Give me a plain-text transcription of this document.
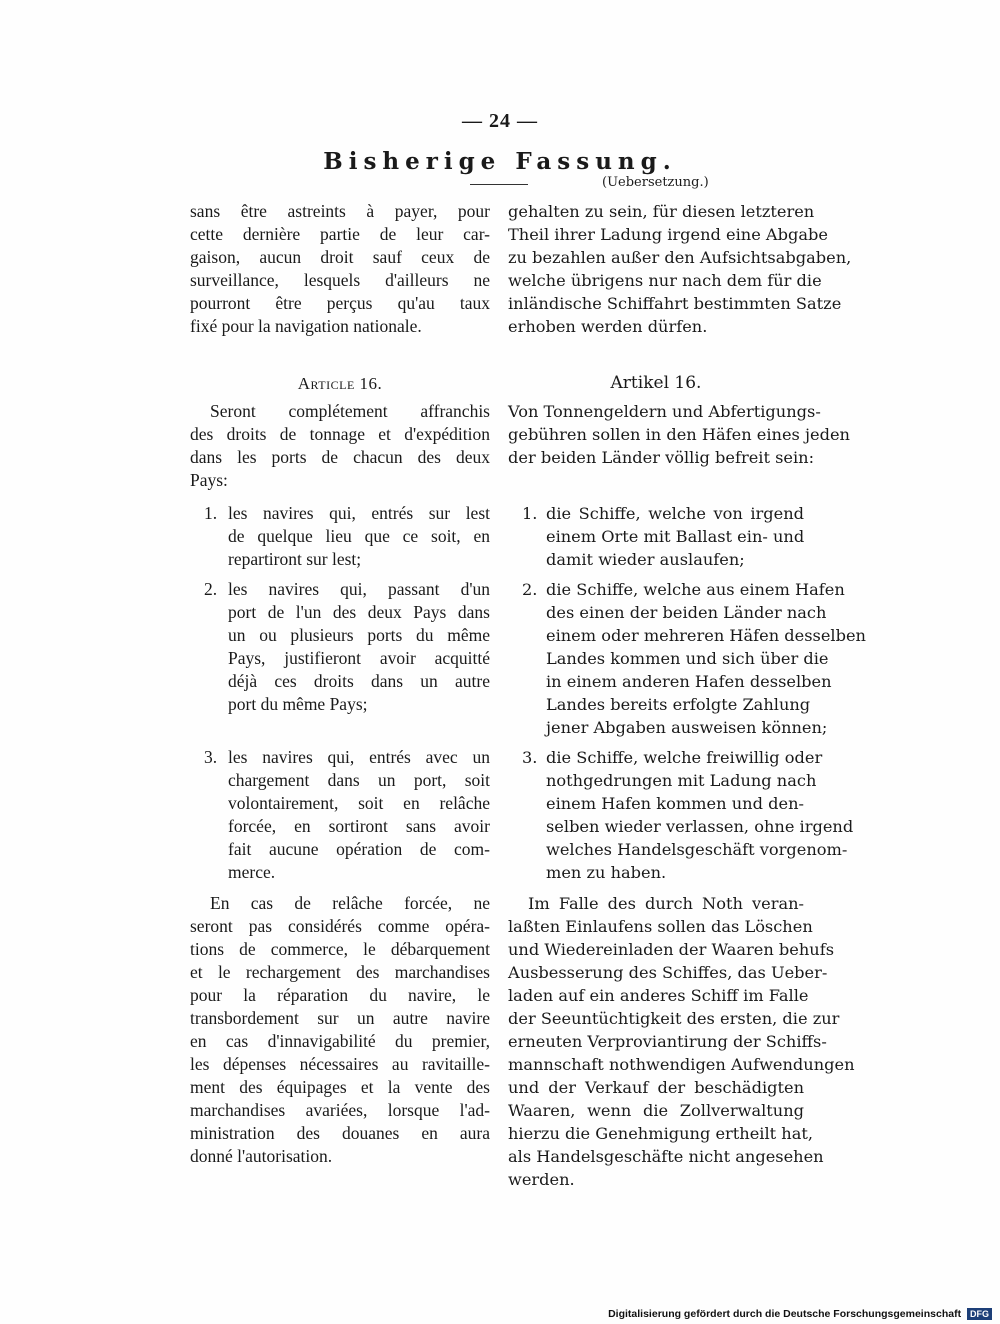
— 24 —
Bisherige Fassung.
(Uebersetzung.)
sans être astreints à payer, pour
cette dernière partie de leur car-
gaison, aucun droit sauf ceux de
surveillance, lesquels d'ailleurs ne
pourront être perçus qu'au taux
fixé pour la navigation nationale.
Article 16.
Seront complétement affranchis
des droits de tonnage et d'expédition
dans les ports de chacun des deux
Pays:
1. les navires qui, entrés sur lest
de quelque lieu que ce soit, en
repartiront sur lest;
2. les navires qui, passant d'un
port de l'un des deux Pays dans
un ou plusieurs ports du même
Pays, justifieront avoir acquitté
déjà ces droits dans un autre
port du même Pays;
3. les navires qui, entrés avec un
chargement dans un port, soit
volontairement, soit en relâche
forcée, en sortiront sans avoir
fait aucune opération de com-
merce.
En cas de relâche forcée, ne
seront pas considérés comme opéra-
tions de commerce, le débarquement
et le rechargement des marchandises
pour la réparation du navire, le
transbordement sur un autre navire
en cas d'innavigabilité du premier,
les dépenses nécessaires au ravitaille-
ment des équipages et la vente des
marchandises avariées, lorsque l'ad-
ministration des douanes en aura
donné l'autorisation.
gehalten zu sein, für diesen letzteren
Theil ihrer Ladung irgend eine Abgabe
zu bezahlen außer den Aufsichtsabgaben,
welche übrigens nur nach dem für die
inländische Schiffahrt bestimmten Satze
erhoben werden dürfen.
Artikel 16.
Von Tonnengeldern und Abfertigungs-
gebühren sollen in den Häfen eines jeden
der beiden Länder völlig befreit sein:
1. die Schiffe, welche von irgend
einem Orte mit Ballast ein- und
damit wieder auslaufen;
2. die Schiffe, welche aus einem Hafen
des einen der beiden Länder nach
einem oder mehreren Häfen desselben
Landes kommen und sich über die
in einem anderen Hafen desselben
Landes bereits erfolgte Zahlung
jener Abgaben ausweisen können;
3. die Schiffe, welche freiwillig oder
nothgedrungen mit Ladung nach
einem Hafen kommen und den-
selben wieder verlassen, ohne irgend
welches Handelsgeschäft vorgenom-
men zu haben.
Im Falle des durch Noth veran-
laßten Einlaufens sollen das Löschen
und Wiedereinladen der Waaren behufs
Ausbesserung des Schiffes, das Ueber-
laden auf ein anderes Schiff im Falle
der Seeuntüchtigkeit des ersten, die zur
erneuten Verproviantirung der Schiffs-
mannschaft nothwendigen Aufwendungen
und der Verkauf der beschädigten
Waaren, wenn die Zollverwaltung
hierzu die Genehmigung ertheilt hat,
als Handelsgeschäfte nicht angesehen
werden.
Digitalisierung gefördert durch die Deutsche Forschungsgemeinschaft DFG
